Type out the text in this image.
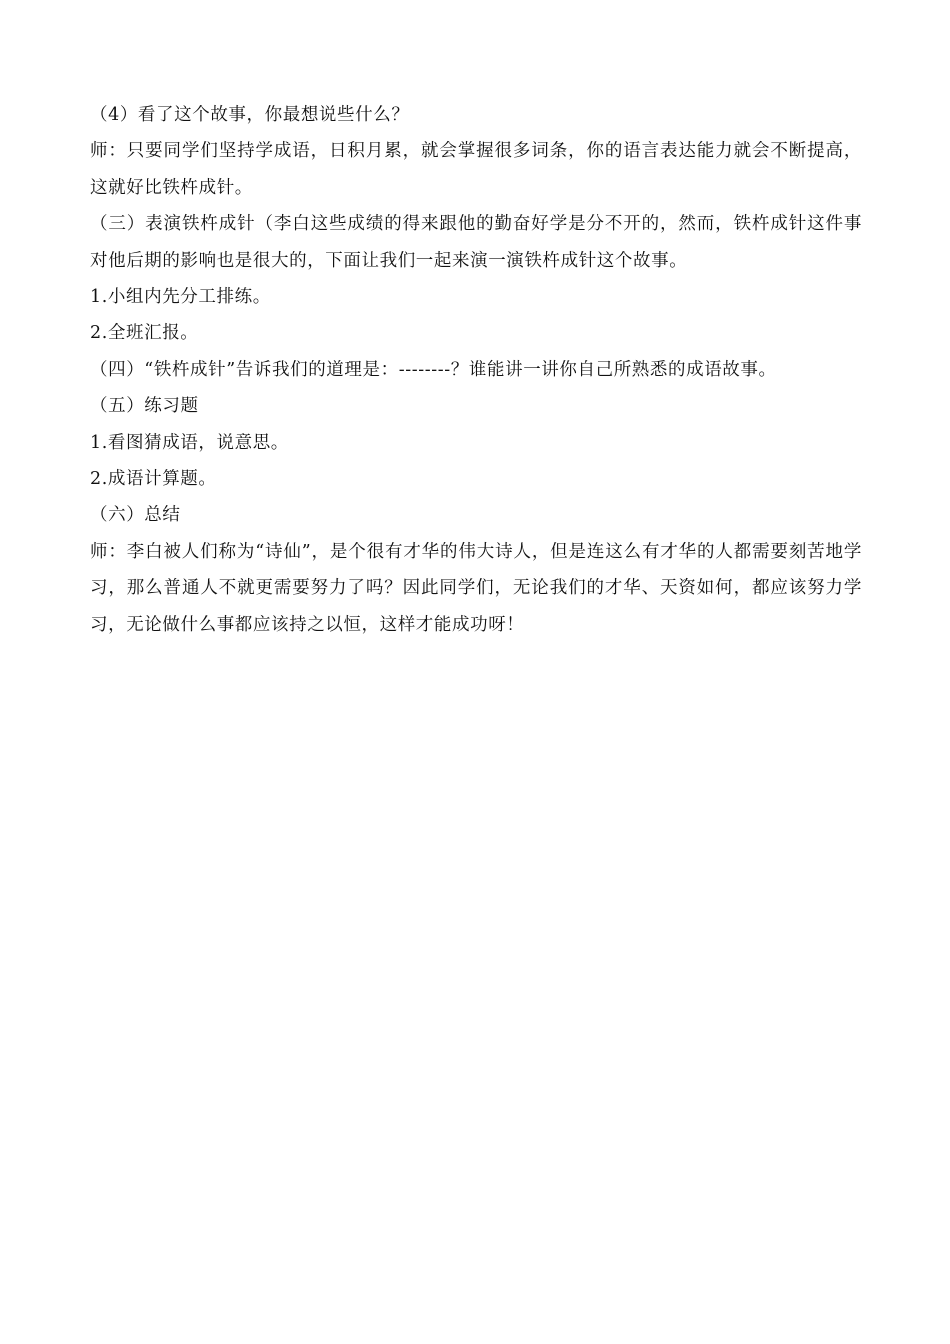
（4）看了这个故事，你最想说些什么？

师：只要同学们坚持学成语，日积月累，就会掌握很多词条，你的语言表达能力就会不断提高，这就好比铁杵成针。

（三）表演铁杵成针（李白这些成绩的得来跟他的勤奋好学是分不开的，然而，铁杵成针这件事对他后期的影响也是很大的，下面让我们一起来演一演铁杵成针这个故事。

1.小组内先分工排练。

2.全班汇报。

（四）“铁杵成针”告诉我们的道理是：--------？谁能讲一讲你自己所熟悉的成语故事。

（五）练习题

1.看图猜成语，说意思。

2.成语计算题。

（六）总结

师：李白被人们称为“诗仙”，是个很有才华的伟大诗人，但是连这么有才华的人都需要刻苦地学习，那么普通人不就更需要努力了吗？因此同学们，无论我们的才华、天资如何，都应该努力学习，无论做什么事都应该持之以恒，这样才能成功呀！
